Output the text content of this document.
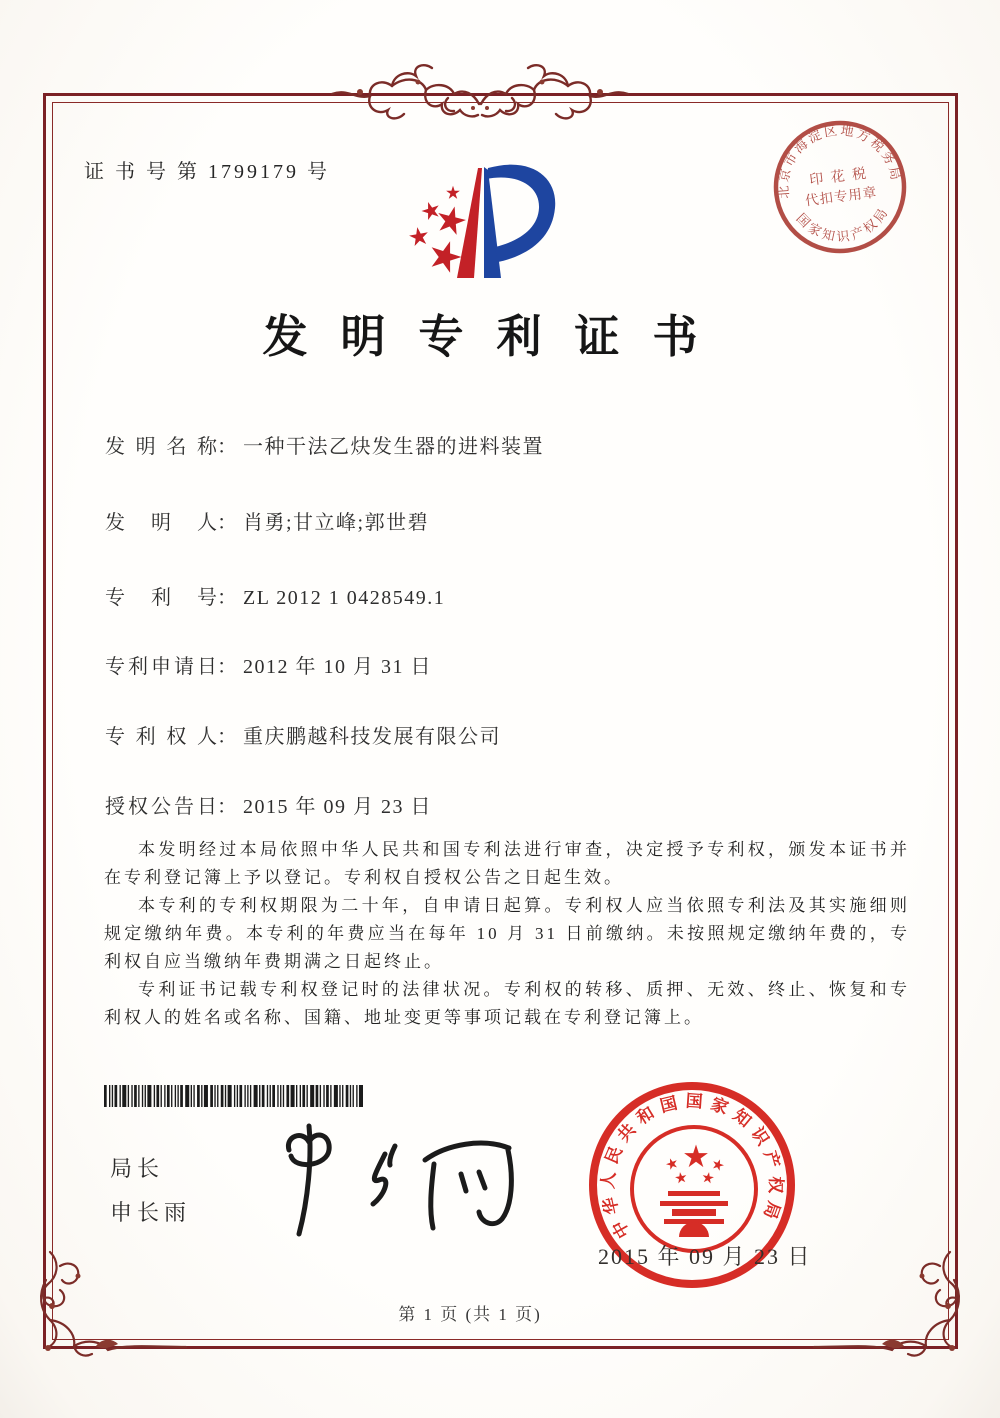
证 书 号 第 1799179 号
北京市海淀区地方税务局
国家知识产权局
印 花 税
代扣专用章
发明专利证书
发明名称： 一种干法乙炔发生器的进料装置
发明人： 肖勇;甘立峰;郭世碧
专利号： ZL 2012 1 0428549.1
专利申请日： 2012 年 10 月 31 日
专利权人： 重庆鹏越科技发展有限公司
授权公告日： 2015 年 09 月 23 日

本发明经过本局依照中华人民共和国专利法进行审查，决定授予专利权，颁发本证书并在专利登记簿上予以登记。专利权自授权公告之日起生效。

本专利的专利权期限为二十年，自申请日起算。专利权人应当依照专利法及其实施细则规定缴纳年费。本专利的年费应当在每年 10 月 31 日前缴纳。未按照规定缴纳年费的，专利权自应当缴纳年费期满之日起终止。

专利证书记载专利权登记时的法律状况。专利权的转移、质押、无效、终止、恢复和专利权人的姓名或名称、国籍、地址变更等事项记载在专利登记簿上。

局长
申长雨	中华人民共和国国家知识产权局
2015 年 09 月 23 日
第 1 页 (共 1 页)
